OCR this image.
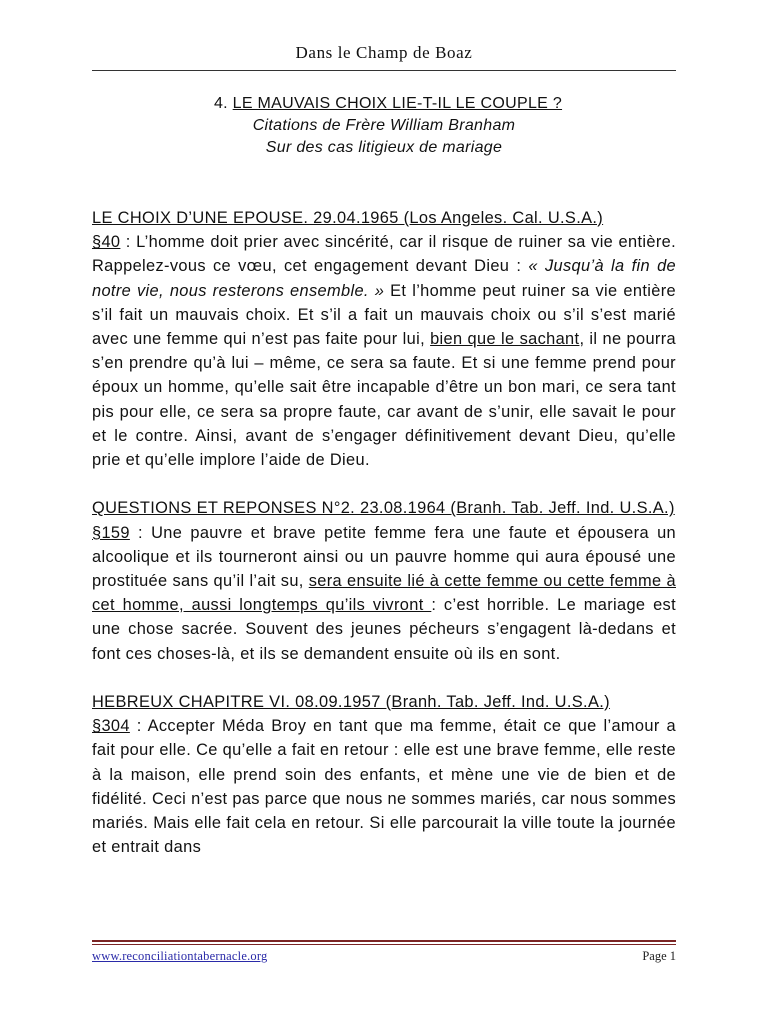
Dans le Champ de Boaz
4. LE MAUVAIS CHOIX LIE-T-IL LE COUPLE ?
Citations de Frère William Branham
Sur des cas litigieux de mariage

LE CHOIX D’UNE EPOUSE. 29.04.1965 (Los Angeles. Cal. U.S.A.)

§40 : L’homme doit prier avec sincérité, car il risque de ruiner sa vie entière. Rappelez-vous ce vœu, cet engagement devant Dieu : « Jusqu’à la fin de notre vie, nous resterons ensemble. » Et l’homme peut ruiner sa vie entière s’il fait un mauvais choix. Et s’il a fait un mauvais choix ou s’il s’est marié avec une femme qui n’est pas faite pour lui, bien que le sachant, il ne pourra s’en prendre qu’à lui – même, ce sera sa faute. Et si une femme prend pour époux un homme, qu’elle sait être incapable d’être un bon mari, ce sera tant pis pour elle, ce sera sa propre faute, car avant de s’unir, elle savait le pour et le contre. Ainsi, avant de s’engager définitivement devant Dieu, qu’elle prie et qu’elle implore l’aide de Dieu.

QUESTIONS ET REPONSES N°2. 23.08.1964 (Branh. Tab. Jeff. Ind. U.S.A.)

§159 : Une pauvre et brave petite femme fera une faute et épousera un alcoolique et ils tourneront ainsi ou un pauvre homme qui aura épousé une prostituée sans qu’il l’ait su, sera ensuite lié à cette femme ou cette femme à cet homme, aussi longtemps qu’ils vivront : c’est horrible. Le mariage est une chose sacrée. Souvent des jeunes pécheurs s’engagent là-dedans et font ces choses-là, et ils se demandent ensuite où ils en sont.

HEBREUX CHAPITRE VI. 08.09.1957 (Branh. Tab. Jeff. Ind. U.S.A.)

§304 : Accepter Méda Broy en tant que ma femme, était ce que l’amour a fait pour elle. Ce qu’elle a fait en retour : elle est une brave femme, elle reste à la maison, elle prend soin des enfants, et mène une vie de bien et de fidélité. Ceci n’est pas parce que nous ne sommes mariés, car nous sommes mariés. Mais elle fait cela en retour. Si elle parcourait la ville toute la journée et entrait dans

www.reconciliationtabernacle.org	Page 1
